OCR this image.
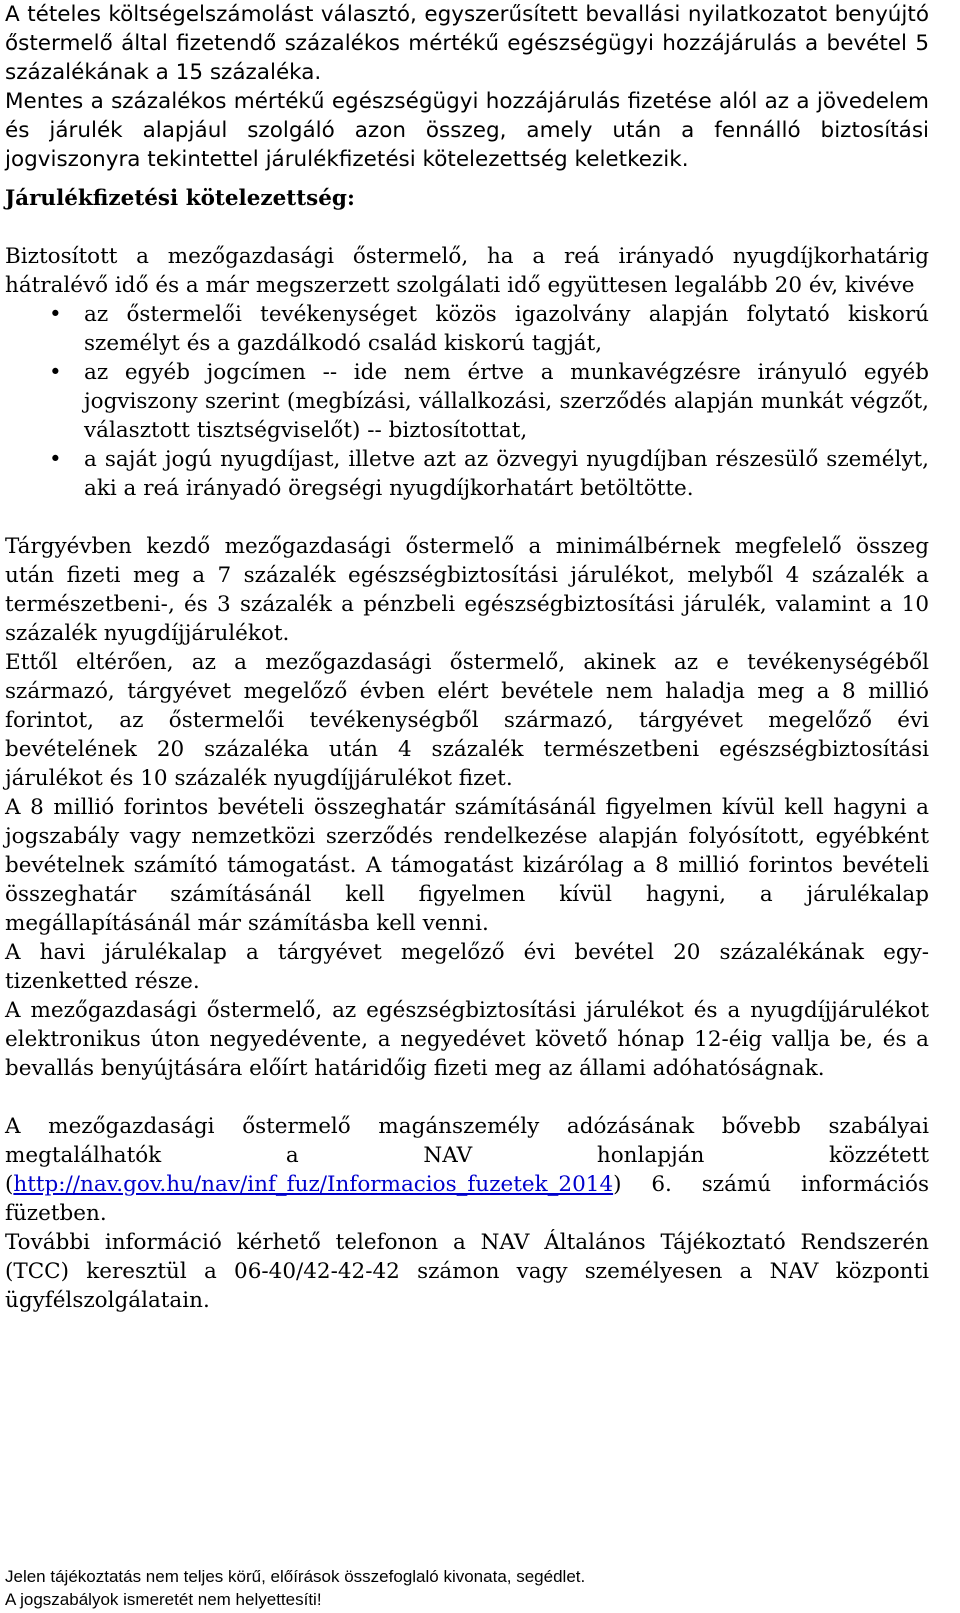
A tételes költségelszámolást választó, egyszerűsített bevallási nyilatkozatot benyújtó őstermelő által fizetendő százalékos mértékű egészségügyi hozzájárulás a bevétel 5 százalékának a 15 százaléka.

Mentes a százalékos mértékű egészségügyi hozzájárulás fizetése alól az a jövedelem és járulék alapjául szolgáló azon összeg, amely után a fennálló biztosítási jogviszonyra tekintettel járulékfizetési kötelezettség keletkezik.

Járulékfizetési kötelezettség:

Biztosított a mezőgazdasági őstermelő, ha a reá irányadó nyugdíjkorhatárig hátralévő idő és a már megszerzett szolgálati idő együttesen legalább 20 év, kivéve

• az őstermelői tevékenységet közös igazolvány alapján folytató kiskorú személyt és a gazdálkodó család kiskorú tagját,
• az egyéb jogcímen -- ide nem értve a munkavégzésre irányuló egyéb jogviszony szerint (megbízási, vállalkozási, szerződés alapján munkát végzőt, választott tisztségviselőt) -- biztosítottat,
• a saját jogú nyugdíjast, illetve azt az özvegyi nyugdíjban részesülő személyt, aki a reá irányadó öregségi nyugdíjkorhatárt betöltötte.

Tárgyévben kezdő mezőgazdasági őstermelő a minimálbérnek megfelelő összeg után fizeti meg a 7 százalék egészségbiztosítási járulékot, melyből 4 százalék a természetbeni-, és 3 százalék a pénzbeli egészségbiztosítási járulék, valamint a 10 százalék nyugdíjjárulékot.

Ettől eltérően, az a mezőgazdasági őstermelő, akinek az e tevékenységéből származó, tárgyévet megelőző évben elért bevétele nem haladja meg a 8 millió forintot, az őstermelői tevékenységből származó, tárgyévet megelőző évi bevételének 20 százaléka után 4 százalék természetbeni egészségbiztosítási járulékot és 10 százalék nyugdíjjárulékot fizet.

A 8 millió forintos bevételi összeghatár számításánál figyelmen kívül kell hagyni a jogszabály vagy nemzetközi szerződés rendelkezése alapján folyósított, egyébként bevételnek számító támogatást. A támogatást kizárólag a 8 millió forintos bevételi összeghatár számításánál kell figyelmen kívül hagyni, a járulékalap megállapításánál már számításba kell venni.

A havi járulékalap a tárgyévet megelőző évi bevétel 20 százalékának egy-tizenketted része.

A mezőgazdasági őstermelő, az egészségbiztosítási járulékot és a nyugdíjjárulékot elektronikus úton negyedévente, a negyedévet követő hónap 12-éig vallja be, és a bevallás benyújtására előírt határidőig fizeti meg az állami adóhatóságnak.

A mezőgazdasági őstermelő magánszemély adózásának bővebb szabályai megtalálhatók a NAV honlapján közzétett (http://nav.gov.hu/nav/inf_fuz/Informacios_fuzetek_2014) 6. számú információs füzetben.

További információ kérhető telefonon a NAV Általános Tájékoztató Rendszerén (TCC) keresztül a 06-40/42-42-42 számon vagy személyesen a NAV központi ügyfélszolgálatain.

Jelen tájékoztatás nem teljes körű, előírások összefoglaló kivonata, segédlet.
A jogszabályok ismeretét nem helyettesíti!
